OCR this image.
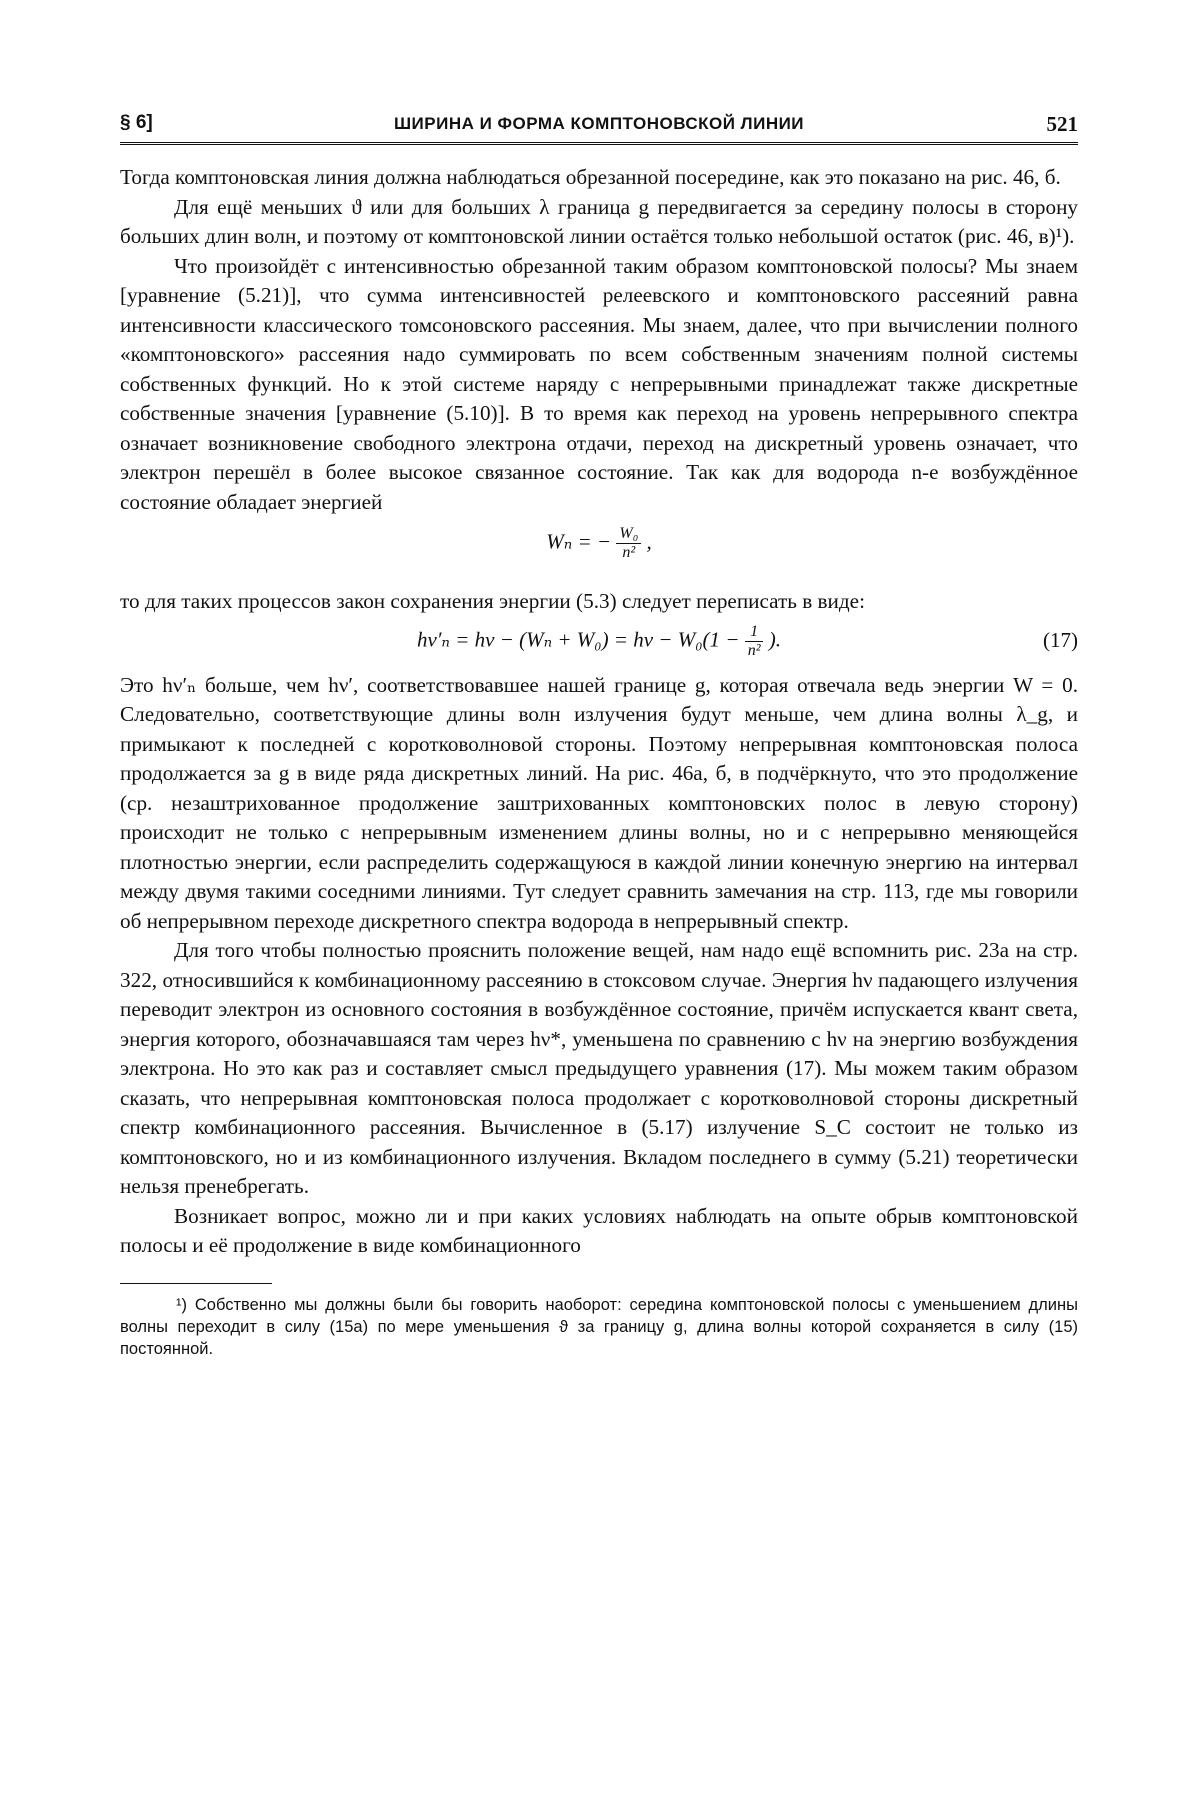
§ 6]	ШИРИНА И ФОРМА КОМПТОНОВСКОЙ ЛИНИИ	521

Тогда комптоновская линия должна наблюдаться обрезанной посередине, как это показано на рис. 46, б.

Для ещё меньших ϑ или для больших λ граница g передвигается за середину полосы в сторону больших длин волн, и поэтому от комптоновской линии остаётся только небольшой остаток (рис. 46, в)¹).

Что произойдёт с интенсивностью обрезанной таким образом комптоновской полосы? Мы знаем [уравнение (5.21)], что сумма интенсивностей релеевского и комптоновского рассеяний равна интенсивности классического томсоновского рассеяния. Мы знаем, далее, что при вычислении полного «комптоновского» рассеяния надо суммировать по всем собственным значениям полной системы собственных функций. Но к этой системе наряду с непрерывными принадлежат также дискретные собственные значения [уравнение (5.10)]. В то время как переход на уровень непрерывного спектра означает возникновение свободного электрона отдачи, переход на дискретный уровень означает, что электрон перешёл в более высокое связанное состояние. Так как для водорода n-е возбуждённое состояние обладает энергией

Wₙ = − $\frac{\text{W₀}}{\text{n²}}$ ,

то для таких процессов закон сохранения энергии (5.3) следует переписать в виде:

$h\nu'_n = h\nu - (W_n + W_0) = h\nu - W_0(1 - \frac{1}{\text{n²}}$ ).	(17)

Это hν′ₙ больше, чем hν′, соответствовавшее нашей границе g, которая отвечала ведь энергии W = 0. Следовательно, соответствующие длины волн излучения будут меньше, чем длина волны λ_g, и примыкают к последней с коротковолновой стороны. Поэтому непрерывная комптоновская полоса продолжается за g в виде ряда дискретных линий. На рис. 46а, б, в подчёркнуто, что это продолжение (ср. незаштрихованное продолжение заштрихованных комптоновских полос в левую сторону) происходит не только с непрерывным изменением длины волны, но и с непрерывно меняющейся плотностью энергии, если распределить содержащуюся в каждой линии конечную энергию на интервал между двумя такими соседними линиями. Тут следует сравнить замечания на стр. 113, где мы говорили об непрерывном переходе дискретного спектра водорода в непрерывный спектр.

Для того чтобы полностью прояснить положение вещей, нам надо ещё вспомнить рис. 23а на стр. 322, относившийся к комбинационному рассеянию в стоксовом случае. Энергия hν падающего излучения переводит электрон из основного состояния в возбуждённое состояние, причём испускается квант света, энергия которого, обозначавшаяся там через hν*, уменьшена по сравнению с hν на энергию возбуждения электрона. Но это как раз и составляет смысл предыдущего уравнения (17). Мы можем таким образом сказать, что непрерывная комптоновская полоса продолжает с коротковолновой стороны дискретный спектр комбинационного рассеяния. Вычисленное в (5.17) излучение S_C состоит не только из комптоновского, но и из комбинационного излучения. Вкладом последнего в сумму (5.21) теоретически нельзя пренебрегать.

Возникает вопрос, можно ли и при каких условиях наблюдать на опыте обрыв комптоновской полосы и её продолжение в виде комбинационного

¹) Собственно мы должны были бы говорить наоборот: середина комптоновской полосы с уменьшением длины волны переходит в силу (15а) по мере уменьшения ϑ за границу g, длина волны которой сохраняется в силу (15) постоянной.
